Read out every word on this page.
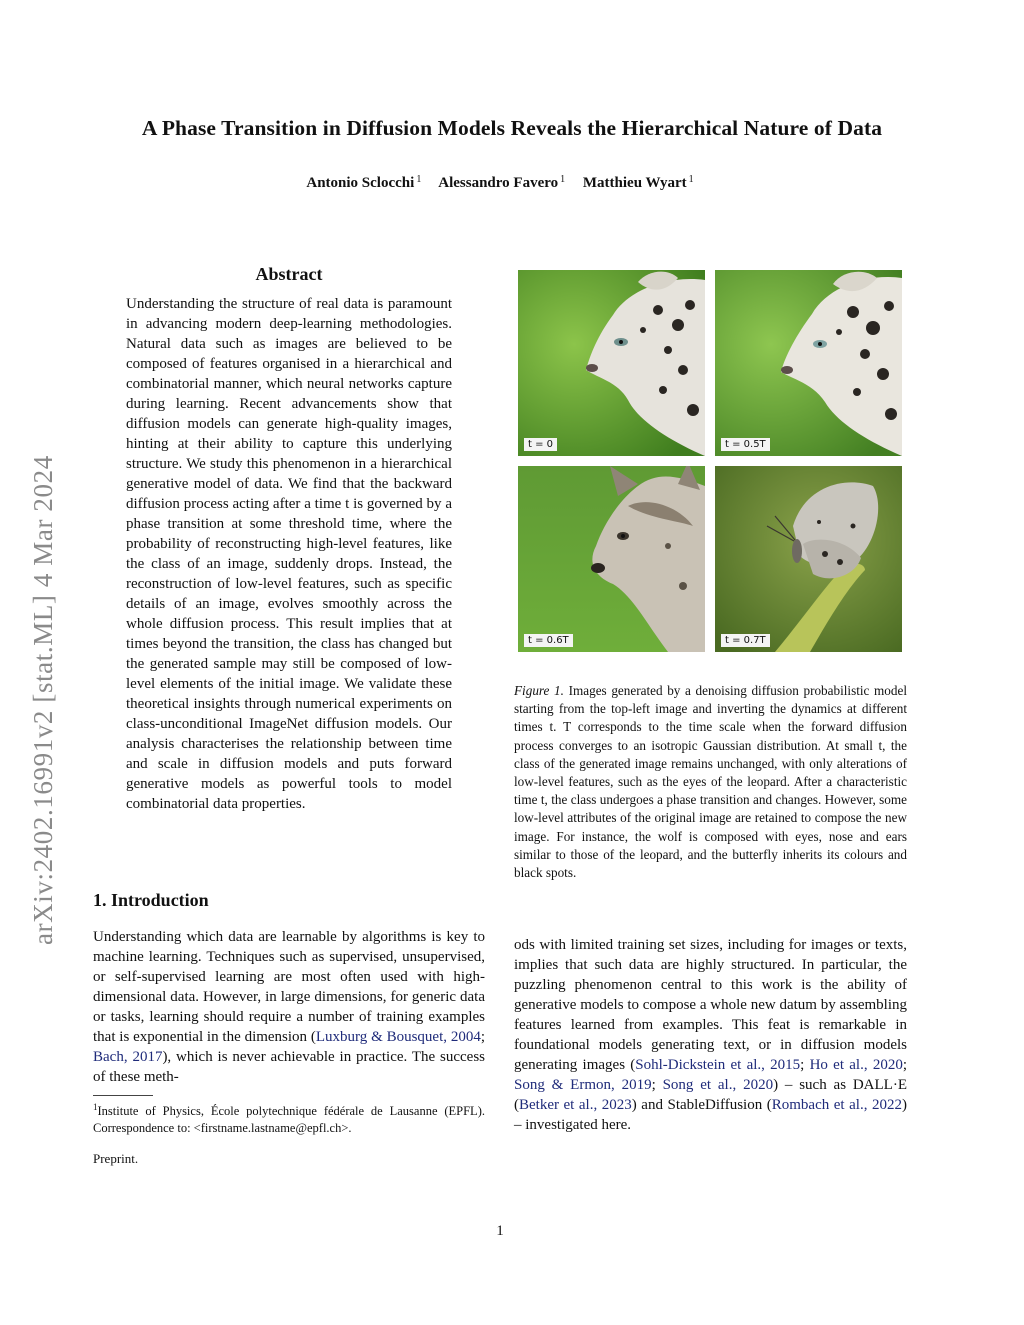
arXiv:2402.16991v2 [stat.ML] 4 Mar 2024
A Phase Transition in Diffusion Models Reveals the Hierarchical Nature of Data
Antonio Sclocchi $^1$ Alessandro Favero $^1$ Matthieu Wyart $^1$
Abstract
Understanding the structure of real data is paramount in advancing modern deep-learning methodologies. Natural data such as images are believed to be composed of features organised in a hierarchical and combinatorial manner, which neural networks capture during learning. Recent advancements show that diffusion models can generate high-quality images, hinting at their ability to capture this underlying structure. We study this phenomenon in a hierarchical generative model of data. We find that the backward diffusion process acting after a time t is governed by a phase transition at some threshold time, where the probability of reconstructing high-level features, like the class of an image, suddenly drops. Instead, the reconstruction of low-level features, such as specific details of an image, evolves smoothly across the whole diffusion process. This result implies that at times beyond the transition, the class has changed but the generated sample may still be composed of low-level elements of the initial image. We validate these theoretical insights through numerical experiments on class-unconditional ImageNet diffusion models. Our analysis characterises the relationship between time and scale in diffusion models and puts forward generative models as powerful tools to model combinatorial data properties.
1. Introduction
Understanding which data are learnable by algorithms is key to machine learning. Techniques such as supervised, unsupervised, or self-supervised learning are most often used with high-dimensional data. However, in large dimensions, for generic data or tasks, learning should require a number of training examples that is exponential in the dimension (Luxburg & Bousquet, 2004; Bach, 2017), which is never achievable in practice. The success of these meth-
$^1$Institute of Physics, École polytechnique fédérale de Lausanne (EPFL). Correspondence to: <firstname.lastname@epfl.ch>.
Preprint.
t = 0	t = 0.5T
t = 0.6T	t = 0.7T
Figure 1. Images generated by a denoising diffusion probabilistic model starting from the top-left image and inverting the dynamics at different times t. T corresponds to the time scale when the forward diffusion process converges to an isotropic Gaussian distribution. At small t, the class of the generated image remains unchanged, with only alterations of low-level features, such as the eyes of the leopard. After a characteristic time t, the class undergoes a phase transition and changes. However, some low-level attributes of the original image are retained to compose the new image. For instance, the wolf is composed with eyes, nose and ears similar to those of the leopard, and the butterfly inherits its colours and black spots.
ods with limited training set sizes, including for images or texts, implies that such data are highly structured. In particular, the puzzling phenomenon central to this work is the ability of generative models to compose a whole new datum by assembling features learned from examples. This feat is remarkable in foundational models generating text, or in diffusion models generating images (Sohl-Dickstein et al., 2015; Ho et al., 2020; Song & Ermon, 2019; Song et al., 2020) – such as DALL·E (Betker et al., 2023) and StableDiffusion (Rombach et al., 2022) – investigated here.
1
